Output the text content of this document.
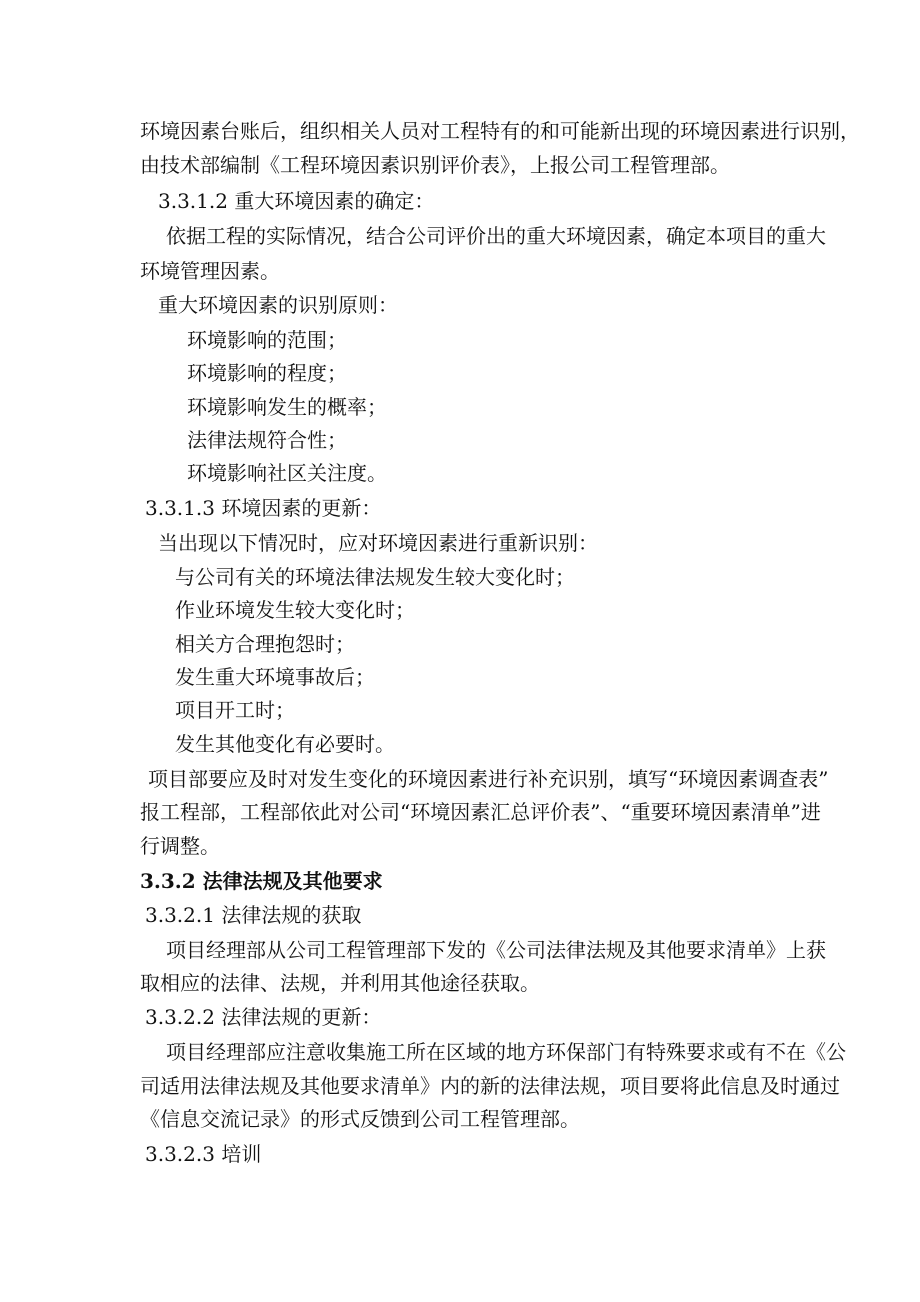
环境因素台账后，组织相关人员对工程特有的和可能新出现的环境因素进行识别，
由技术部编制《工程环境因素识别评价表》，上报公司工程管理部。
3.3.1.2 重大环境因素的确定：
依据工程的实际情况，结合公司评价出的重大环境因素，确定本项目的重大
环境管理因素。
重大环境因素的识别原则：
环境影响的范围；
环境影响的程度；
环境影响发生的概率；
法律法规符合性；
环境影响社区关注度。
3.3.1.3 环境因素的更新：
当出现以下情况时，应对环境因素进行重新识别：
与公司有关的环境法律法规发生较大变化时；
作业环境发生较大变化时；
相关方合理抱怨时；
发生重大环境事故后；
项目开工时；
发生其他变化有必要时。
项目部要应及时对发生变化的环境因素进行补充识别，填写“环境因素调查表”
报工程部，工程部依此对公司“环境因素汇总评价表”、“重要环境因素清单”进
行调整。
3.3.2 法律法规及其他要求
3.3.2.1 法律法规的获取
项目经理部从公司工程管理部下发的《公司法律法规及其他要求清单》上获
取相应的法律、法规，并利用其他途径获取。
3.3.2.2 法律法规的更新：
项目经理部应注意收集施工所在区域的地方环保部门有特殊要求或有不在《公
司适用法律法规及其他要求清单》内的新的法律法规，项目要将此信息及时通过
《信息交流记录》的形式反馈到公司工程管理部。
3.3.2.3 培训
